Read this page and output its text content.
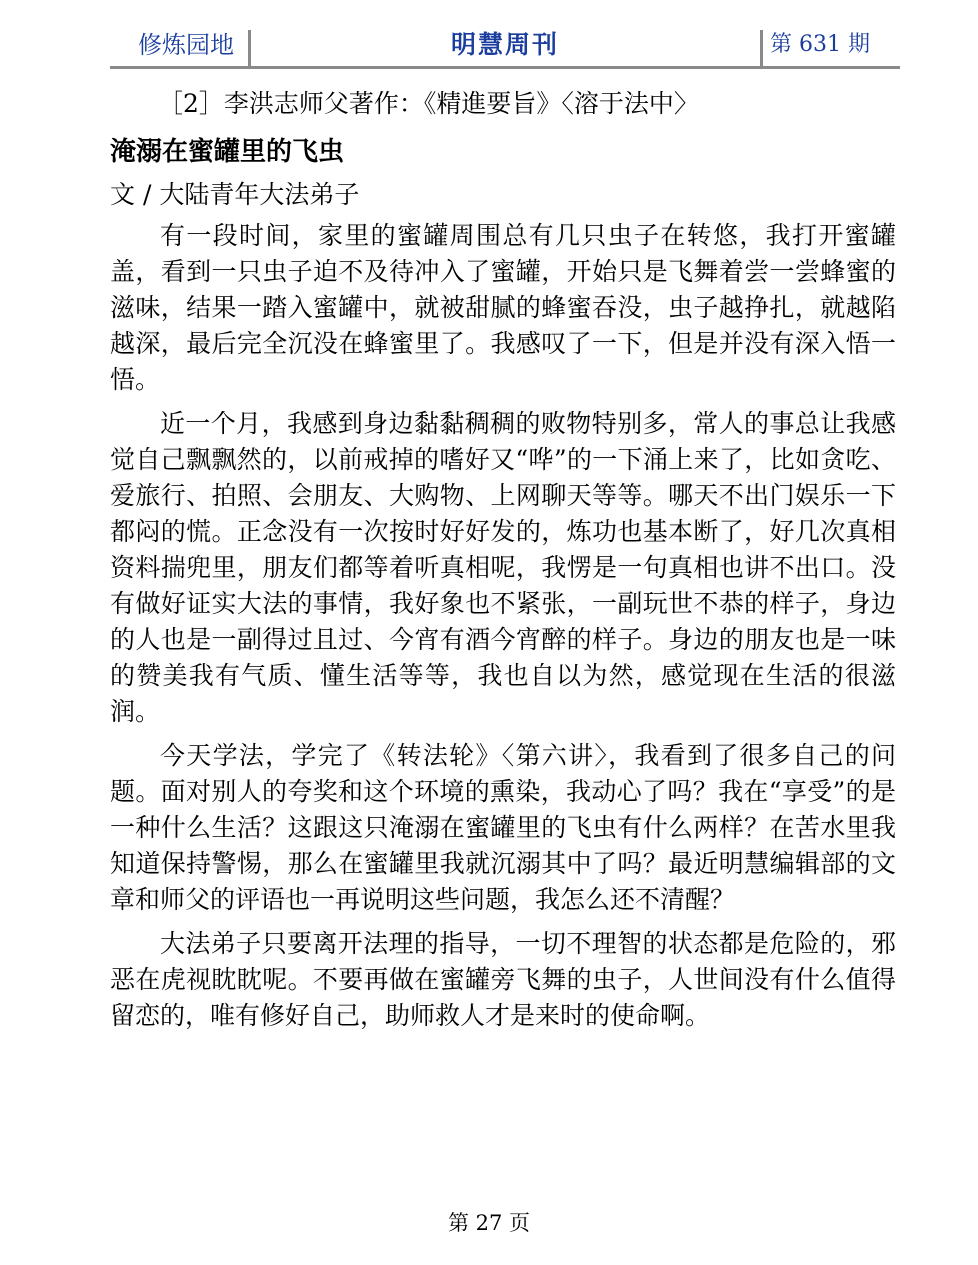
修炼园地	明慧周刊	第 631 期

［2］李洪志师父著作：《精進要旨》〈溶于法中〉

淹溺在蜜罐里的飞虫

文 / 大陆青年大法弟子

有一段时间，家里的蜜罐周围总有几只虫子在转悠，我打开蜜罐盖，看到一只虫子迫不及待冲入了蜜罐，开始只是飞舞着尝一尝蜂蜜的滋味，结果一踏入蜜罐中，就被甜腻的蜂蜜吞没，虫子越挣扎，就越陷越深，最后完全沉没在蜂蜜里了。我感叹了一下，但是并没有深入悟一悟。

近一个月，我感到身边黏黏稠稠的败物特别多，常人的事总让我感觉自己飘飘然的，以前戒掉的嗜好又“哗”的一下涌上来了，比如贪吃、爱旅行、拍照、会朋友、大购物、上网聊天等等。哪天不出门娱乐一下都闷的慌。正念没有一次按时好好发的，炼功也基本断了，好几次真相资料揣兜里，朋友们都等着听真相呢，我愣是一句真相也讲不出口。没有做好证实大法的事情，我好象也不紧张，一副玩世不恭的样子，身边的人也是一副得过且过、今宵有酒今宵醉的样子。身边的朋友也是一味的赞美我有气质、懂生活等等，我也自以为然，感觉现在生活的很滋润。

今天学法，学完了《转法轮》〈第六讲〉，我看到了很多自己的问题。面对别人的夸奖和这个环境的熏染，我动心了吗？我在“享受”的是一种什么生活？这跟这只淹溺在蜜罐里的飞虫有什么两样？在苦水里我知道保持警惕，那么在蜜罐里我就沉溺其中了吗？最近明慧编辑部的文章和师父的评语也一再说明这些问题，我怎么还不清醒？

大法弟子只要离开法理的指导，一切不理智的状态都是危险的，邪恶在虎视眈眈呢。不要再做在蜜罐旁飞舞的虫子，人世间没有什么值得留恋的，唯有修好自己，助师救人才是来时的使命啊。

第 27 页
